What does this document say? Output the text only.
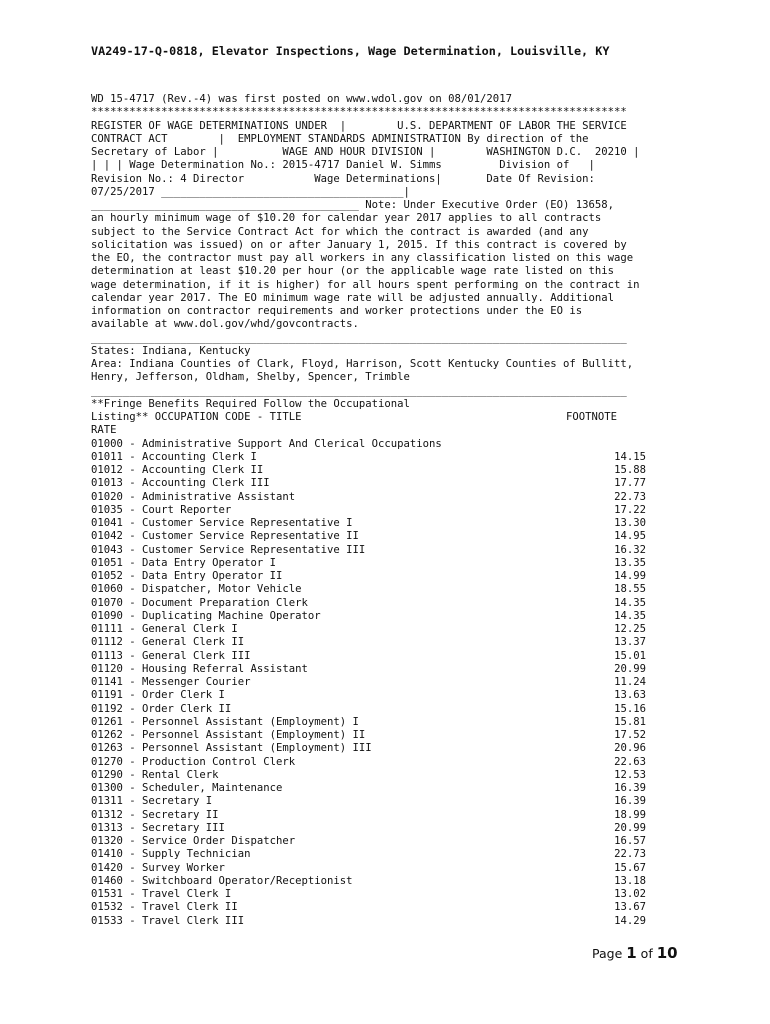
VA249-17-Q-0818, Elevator Inspections, Wage Determination, Louisville, KY
WD 15-4717 (Rev.-4) was first posted on www.wdol.gov on 08/01/2017
************************************************************************************
REGISTER OF WAGE DETERMINATIONS UNDER  |        U.S. DEPARTMENT OF LABOR THE SERVICE
CONTRACT ACT        |  EMPLOYMENT STANDARDS ADMINISTRATION By direction of the
Secretary of Labor |          WAGE AND HOUR DIVISION |        WASHINGTON D.C.  20210 |
| | | Wage Determination No.: 2015-4717 Daniel W. Simms         Division of   |
Revision No.: 4 Director           Wage Determinations|       Date Of Revision:
07/25/2017 ______________________________________|
__________________________________________ Note: Under Executive Order (EO) 13658,
an hourly minimum wage of $10.20 for calendar year 2017 applies to all contracts
subject to the Service Contract Act for which the contract is awarded (and any
solicitation was issued) on or after January 1, 2015. If this contract is covered by
the EO, the contractor must pay all workers in any classification listed on this wage
determination at least $10.20 per hour (or the applicable wage rate listed on this
wage determination, if it is higher) for all hours spent performing on the contract in
calendar year 2017. The EO minimum wage rate will be adjusted annually. Additional
information on contractor requirements and worker protections under the EO is
available at www.dol.gov/whd/govcontracts.
____________________________________________________________________________________
States: Indiana, Kentucky
Area: Indiana Counties of Clark, Floyd, Harrison, Scott Kentucky Counties of Bullitt,
Henry, Jefferson, Oldham, Shelby, Spencer, Trimble
____________________________________________________________________________________
**Fringe Benefits Required Follow the Occupational
Listing** OCCUPATION CODE - TITLE	FOOTNOTE
RATE
01000 - Administrative Support And Clerical Occupations
01011 - Accounting Clerk I	14.15
01012 - Accounting Clerk II	15.88
01013 - Accounting Clerk III	17.77
01020 - Administrative Assistant	22.73
01035 - Court Reporter	17.22
01041 - Customer Service Representative I	13.30
01042 - Customer Service Representative II	14.95
01043 - Customer Service Representative III	16.32
01051 - Data Entry Operator I	13.35
01052 - Data Entry Operator II	14.99
01060 - Dispatcher, Motor Vehicle	18.55
01070 - Document Preparation Clerk	14.35
01090 - Duplicating Machine Operator	14.35
01111 - General Clerk I	12.25
01112 - General Clerk II	13.37
01113 - General Clerk III	15.01
01120 - Housing Referral Assistant	20.99
01141 - Messenger Courier	11.24
01191 - Order Clerk I	13.63
01192 - Order Clerk II	15.16
01261 - Personnel Assistant (Employment) I	15.81
01262 - Personnel Assistant (Employment) II	17.52
01263 - Personnel Assistant (Employment) III	20.96
01270 - Production Control Clerk	22.63
01290 - Rental Clerk	12.53
01300 - Scheduler, Maintenance	16.39
01311 - Secretary I	16.39
01312 - Secretary II	18.99
01313 - Secretary III	20.99
01320 - Service Order Dispatcher	16.57
01410 - Supply Technician	22.73
01420 - Survey Worker	15.67
01460 - Switchboard Operator/Receptionist	13.18
01531 - Travel Clerk I	13.02
01532 - Travel Clerk II	13.67
01533 - Travel Clerk III	14.29
Page 1 of 10
